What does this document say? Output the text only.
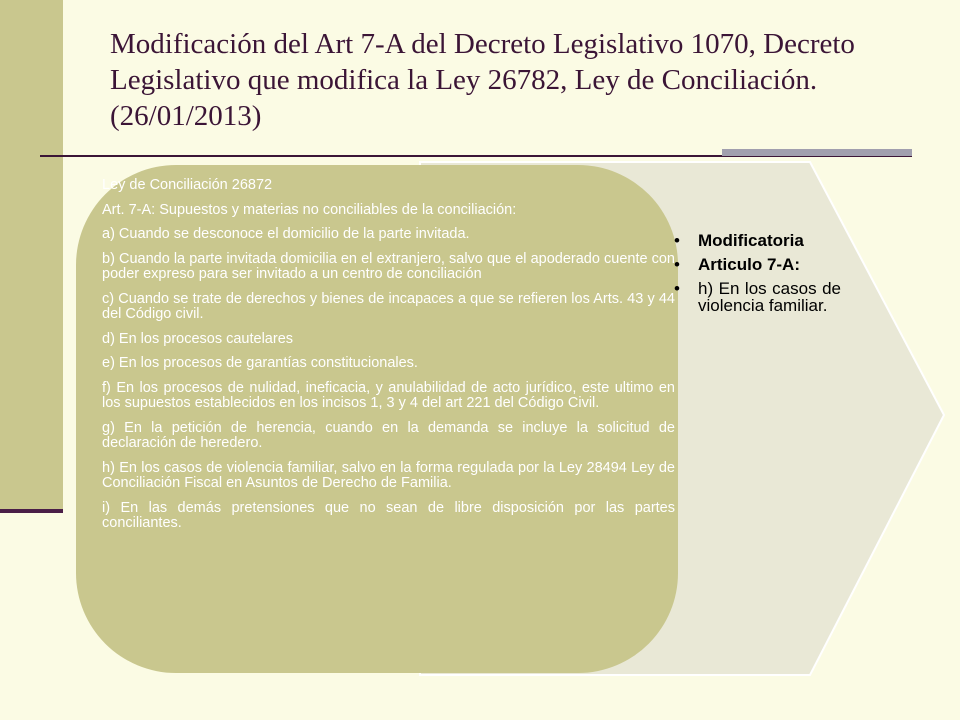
Modificación del Art 7-A del Decreto Legislativo 1070, Decreto Legislativo que modifica la Ley 26782, Ley de Conciliación. (26/01/2013)

Ley de Conciliación 26872

Art. 7-A: Supuestos y materias no conciliables de la conciliación:

a) Cuando se desconoce el domicilio de la parte invitada.

b) Cuando la parte invitada domicilia en el extranjero, salvo que el apoderado cuente con poder expreso para ser invitado a un centro de conciliación

c) Cuando se trate de derechos y bienes de incapaces a que se refieren los Arts. 43 y 44 del Código civil.

d) En los procesos cautelares

e) En los procesos de garantías constitucionales.

f) En los procesos de nulidad, ineficacia, y anulabilidad de acto jurídico, este ultimo en los supuestos establecidos en los incisos 1, 3 y 4 del art 221 del Código Civil.

g) En la petición de herencia, cuando en la demanda se incluye la solicitud de declaración de heredero.

h) En los casos de violencia familiar, salvo en la forma regulada por la Ley 28494 Ley de Conciliación Fiscal en Asuntos de Derecho de Familia.

i) En las demás pretensiones que no sean de libre disposición por las partes conciliantes.

• Modificatoria
• Articulo 7-A:
• h) En los casos de violencia familiar.
